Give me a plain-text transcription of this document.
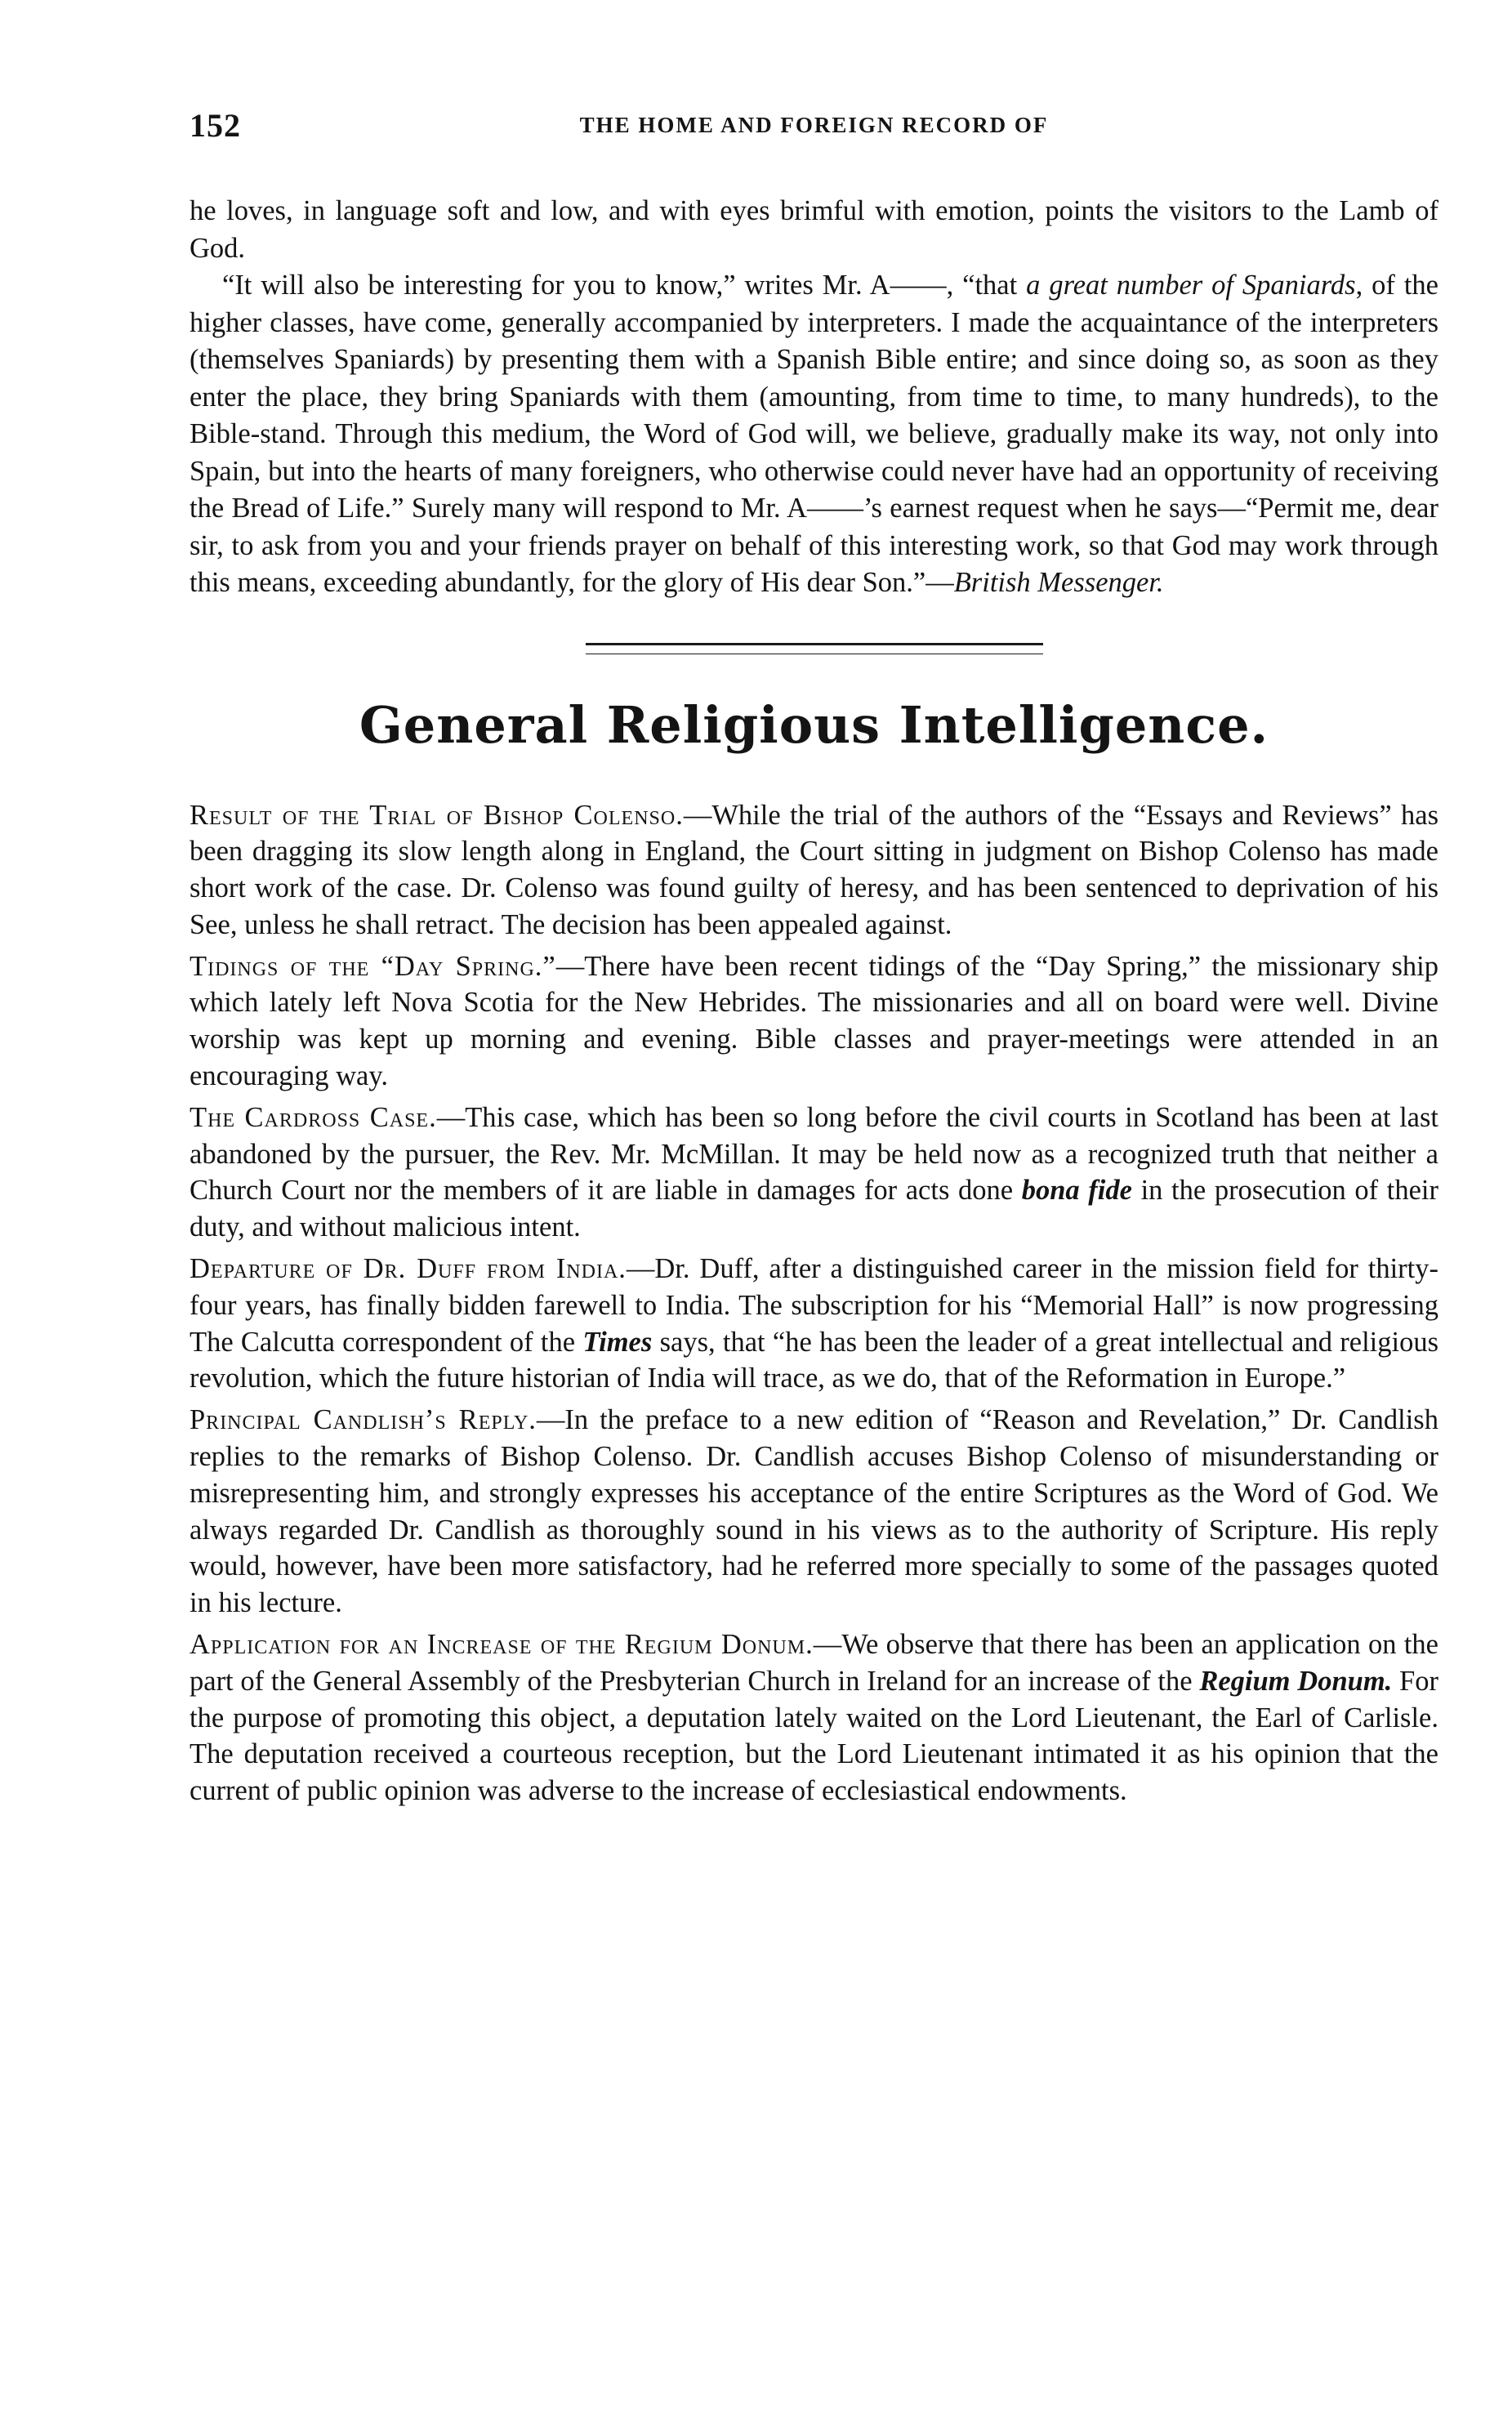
152	THE HOME AND FOREIGN RECORD OF

he loves, in language soft and low, and with eyes brimful with emotion, points the visitors to the Lamb of God.

“It will also be interesting for you to know,” writes Mr. A——, “that a great number of Spaniards, of the higher classes, have come, generally accompanied by interpreters. I made the acquaintance of the interpreters (themselves Spaniards) by presenting them with a Spanish Bible entire; and since doing so, as soon as they enter the place, they bring Spaniards with them (amounting, from time to time, to many hundreds), to the Bible-stand. Through this medium, the Word of God will, we believe, gradually make its way, not only into Spain, but into the hearts of many foreigners, who otherwise could never have had an opportunity of receiving the Bread of Life.” Surely many will respond to Mr. A——’s earnest request when he says—“Permit me, dear sir, to ask from you and your friends prayer on behalf of this interesting work, so that God may work through this means, exceeding abundantly, for the glory of His dear Son.”—British Messenger.

General Religious Intelligence.

Result of the Trial of Bishop Colenso.—While the trial of the authors of the “Essays and Reviews” has been dragging its slow length along in England, the Court sitting in judgment on Bishop Colenso has made short work of the case. Dr. Colenso was found guilty of heresy, and has been sentenced to deprivation of his See, unless he shall retract. The decision has been appealed against.

Tidings of the “Day Spring.”—There have been recent tidings of the “Day Spring,” the missionary ship which lately left Nova Scotia for the New Hebrides. The missionaries and all on board were well. Divine worship was kept up morning and evening. Bible classes and prayer-meetings were attended in an encouraging way.

The Cardross Case.—This case, which has been so long before the civil courts in Scotland has been at last abandoned by the pursuer, the Rev. Mr. McMillan. It may be held now as a recognized truth that neither a Church Court nor the members of it are liable in damages for acts done bona fide in the prosecution of their duty, and without malicious intent.

Departure of Dr. Duff from India.—Dr. Duff, after a distinguished career in the mission field for thirty-four years, has finally bidden farewell to India. The subscription for his “Memorial Hall” is now progressing The Calcutta correspondent of the Times says, that “he has been the leader of a great intellectual and religious revolution, which the future historian of India will trace, as we do, that of the Reformation in Europe.”

Principal Candlish’s Reply.—In the preface to a new edition of “Reason and Revelation,” Dr. Candlish replies to the remarks of Bishop Colenso. Dr. Candlish accuses Bishop Colenso of misunderstanding or misrepresenting him, and strongly expresses his acceptance of the entire Scriptures as the Word of God. We always regarded Dr. Candlish as thoroughly sound in his views as to the authority of Scripture. His reply would, however, have been more satisfactory, had he referred more specially to some of the passages quoted in his lecture.

Application for an Increase of the Regium Donum.—We observe that there has been an application on the part of the General Assembly of the Presbyterian Church in Ireland for an increase of the Regium Donum. For the purpose of promoting this object, a deputation lately waited on the Lord Lieutenant, the Earl of Carlisle. The deputation received a courteous reception, but the Lord Lieutenant intimated it as his opinion that the current of public opinion was adverse to the increase of ecclesiastical endowments.
